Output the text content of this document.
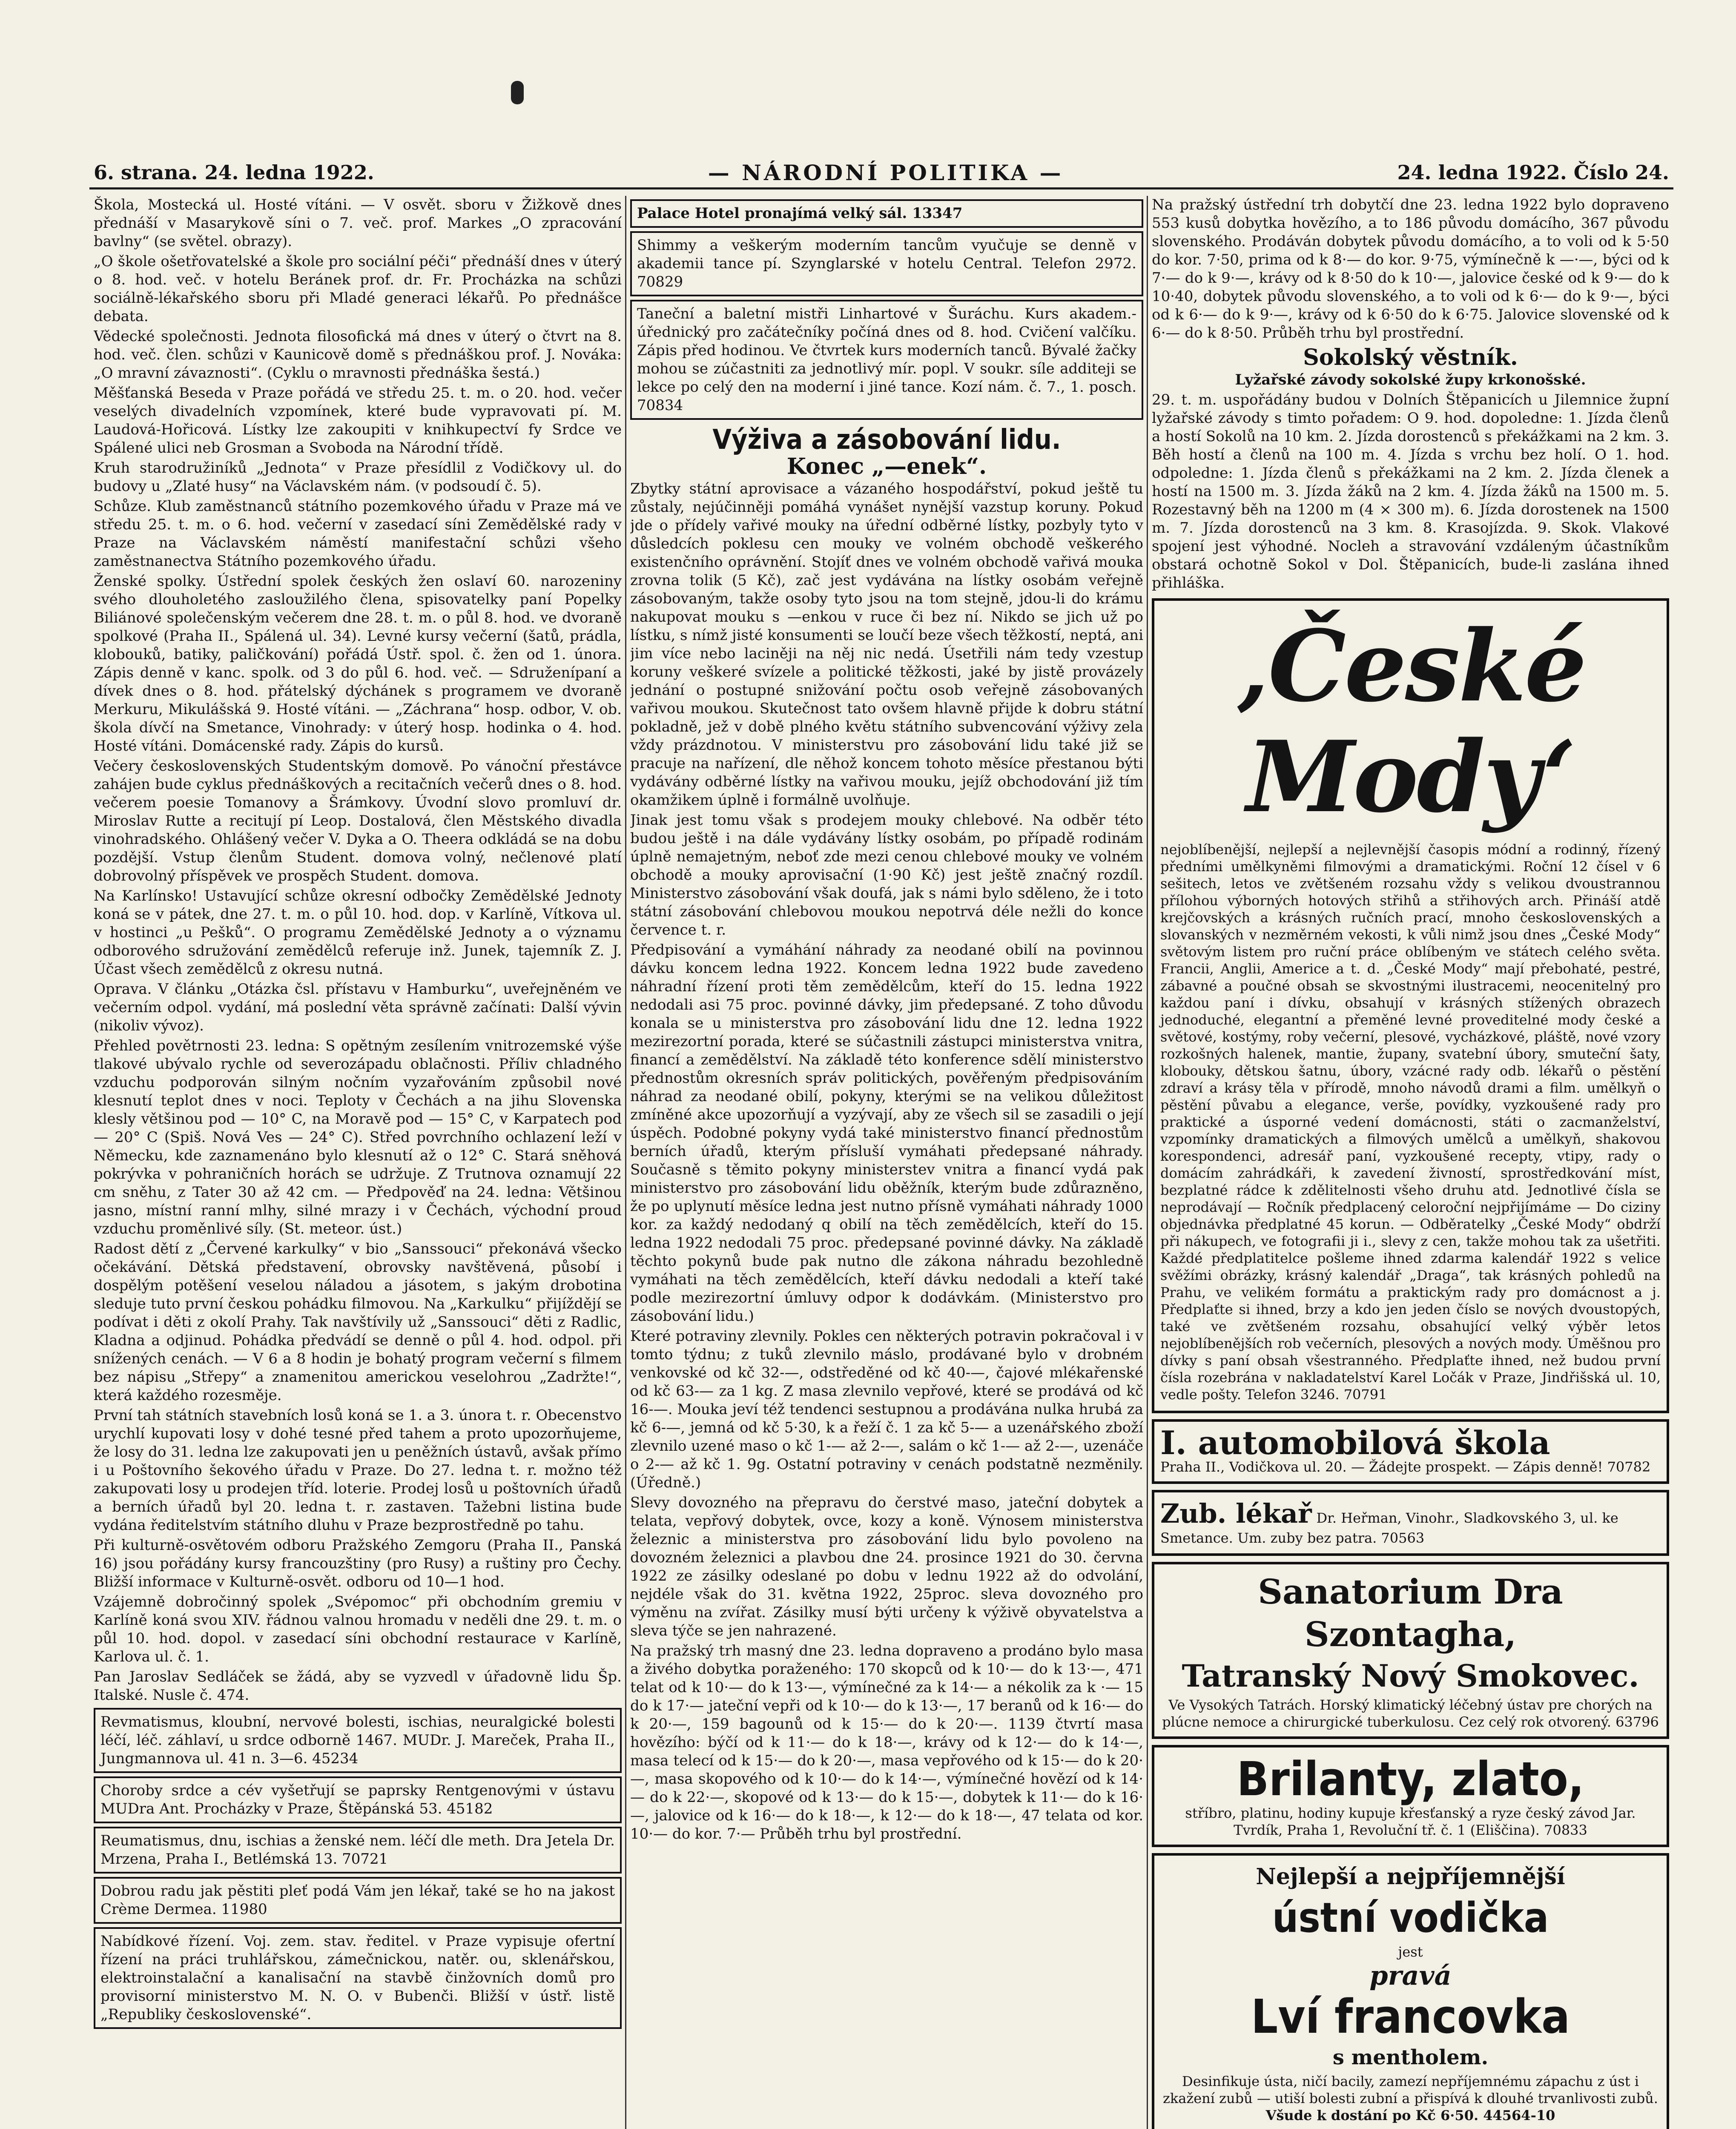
6. strana. 24. ledna 1922.	— NÁRODNÍ POLITIKA —	24. ledna 1922. Číslo 24.

Škola, Mostecká ul. Hosté vítáni. — V osvět. sboru v Žižkově dnes přednáší v Masarykově síni o 7. več. prof. Markes „O zpracování bavlny“ (se světel. obrazy).

„O škole ošetřovatelské a škole pro sociální péči“ přednáší dnes v úterý o 8. hod. več. v hotelu Beránek prof. dr. Fr. Procházka na schůzi sociálně-lékařského sboru při Mladé generaci lékařů. Po přednášce debata.

Vědecké společnosti. Jednota filosofická má dnes v úterý o čtvrt na 8. hod. več. člen. schůzi v Kaunicově domě s přednáškou prof. J. Nováka: „O mravní závaznosti“. (Cyklu o mravnosti přednáška šestá.)

Měšťanská Beseda v Praze pořádá ve středu 25. t. m. o 20. hod. večer veselých divadelních vzpomínek, které bude vypravovati pí. M. Laudová-Hořicová. Lístky lze zakoupiti v knihkupectví fy Srdce ve Spálené ulici neb Grosman a Svoboda na Národní třídě.

Kruh starodružiníků „Jednota“ v Praze přesídlil z Vodičkovy ul. do budovy u „Zlaté husy“ na Václavském nám. (v podsoudí č. 5).

Schůze. Klub zaměstnanců státního pozemkového úřadu v Praze má ve středu 25. t. m. o 6. hod. večerní v zasedací síni Zemědělské rady v Praze na Václavském náměstí manifestační schůzi všeho zaměstnanectva Státního pozemkového úřadu.

Ženské spolky. Ústřední spolek českých žen oslaví 60. narozeniny svého dlouholetého zasloužilého člena, spisovatelky paní Popelky Biliánové společenským večerem dne 28. t. m. o půl 8. hod. ve dvoraně spolkové (Praha II., Spálená ul. 34). Levné kursy večerní (šatů, prádla, klobouků, batiky, paličkování) pořádá Ústř. spol. č. žen od 1. února. Zápis denně v kanc. spolk. od 3 do půl 6. hod. več. — Sdruženípaní a dívek dnes o 8. hod. přátelský dýchánek s programem ve dvoraně Merkuru, Mikulášská 9. Hosté vítáni. — „Záchrana“ hosp. odbor, V. ob. škola dívčí na Smetance, Vinohrady: v úterý hosp. hodinka o 4. hod. Hosté vítáni. Domácenské rady. Zápis do kursů.

Večery československých Studentským domově. Po vánoční přestávce zahájen bude cyklus přednáškových a recitačních večerů dnes o 8. hod. večerem poesie Tomanovy a Šrámkovy. Úvodní slovo promluví dr. Miroslav Rutte a recitují pí Leop. Dostalová, člen Městského divadla vinohradského. Ohlášený večer V. Dyka a O. Theera odkládá se na dobu pozdější. Vstup členům Student. domova volný, nečlenové platí dobrovolný příspěvek ve prospěch Student. domova.

Na Karlínsko! Ustavující schůze okresní odbočky Zemědělské Jednoty koná se v pátek, dne 27. t. m. o půl 10. hod. dop. v Karlíně, Vítkova ul. v hostinci „u Pešků“. O programu Zemědělské Jednoty a o významu odborového sdružování zemědělců referuje inž. Junek, tajemník Z. J. Účast všech zemědělců z okresu nutná.

Oprava. V článku „Otázka čsl. přístavu v Hamburku“, uveřejněném ve večerním odpol. vydání, má poslední věta správně začínati: Další vývin (nikoliv vývoz).

Přehled povětrnosti 23. ledna: S opětným zesílením vnitrozemské výše tlakové ubývalo rychle od severozápadu oblačnosti. Příliv chladného vzduchu podporován silným nočním vyzařováním způsobil nové klesnutí teplot dnes v noci. Teploty v Čechách a na jihu Slovenska klesly většinou pod — 10° C, na Moravě pod — 15° C, v Karpatech pod — 20° C (Spiš. Nová Ves — 24° C). Střed povrchního ochlazení leží v Německu, kde zaznamenáno bylo klesnutí až o 12° C. Stará sněhová pokrývka v pohraničních horách se udržuje. Z Trutnova oznamují 22 cm sněhu, z Tater 30 až 42 cm. — Předpověď na 24. ledna: Většinou jasno, místní ranní mlhy, silné mrazy i v Čechách, východní proud vzduchu proměnlivé síly. (St. meteor. úst.)

Radost dětí z „Červené karkulky“ v bio „Sanssouci“ překonává všecko očekávání. Dětská představení, obrovsky navštěvená, působí i dospělým potěšení veselou náladou a jásotem, s jakým drobotina sleduje tuto první českou pohádku filmovou. Na „Karkulku“ přijíždějí se podívat i děti z okolí Prahy. Tak navštívily už „Sanssouci“ děti z Radlic, Kladna a odjinud. Pohádka předvádí se denně o půl 4. hod. odpol. při snížených cenách. — V 6 a 8 hodin je bohatý program večerní s filmem bez nápisu „Střepy“ a znamenitou americkou veselohrou „Zadržte!“, která každého rozesměje.

První tah státních stavebních losů koná se 1. a 3. února t. r. Obecenstvo urychlí kupovati losy v dohé tesné před tahem a proto upozorňujeme, že losy do 31. ledna lze zakupovati jen u peněžních ústavů, avšak přímo i u Poštovního šekového úřadu v Praze. Do 27. ledna t. r. možno též zakupovati losy u prodejen tříd. loterie. Prodej losů u poštovních úřadů a berních úřadů byl 20. ledna t. r. zastaven. Tažebni listina bude vydána ředitelstvím státního dluhu v Praze bezprostředně po tahu.

Při kulturně-osvětovém odboru Pražského Zemgoru (Praha II., Panská 16) jsou pořádány kursy francouzštiny (pro Rusy) a ruštiny pro Čechy. Bližší informace v Kulturně-osvět. odboru od 10—1 hod.

Vzájemně dobročinný spolek „Svépomoc“ při obchodním gremiu v Karlíně koná svou XIV. řádnou valnou hromadu v neděli dne 29. t. m. o půl 10. hod. dopol. v zasedací síni obchodní restaurace v Karlíně, Karlova ul. č. 1.

Pan Jaroslav Sedláček se žádá, aby se vyzvedl v úřadovně lidu Šp. Italské. Nusle č. 474.

Revmatismus, kloubní, nervové bolesti, ischias, neuralgické bolesti léčí, léč. záhlaví, u srdce odborně 1467. MUDr. J. Mareček, Praha II., Jungmannova ul. 41 n. 3—6. 45234

Choroby srdce a cév vyšetřují se paprsky Rentgenovými v ústavu MUDra Ant. Procházky v Praze, Štěpánská 53. 45182

Reumatismus, dnu, ischias a ženské nem. léčí dle meth. Dra Jetela Dr. Mrzena, Praha I., Betlémská 13. 70721

Dobrou radu jak pěstiti pleť podá Vám jen lékař, také se ho na jakost Crème Dermea. 11980

Nabídkové řízení. Voj. zem. stav. ředitel. v Praze vypisuje ofertní řízení na práci truhlářskou, zámečnickou, natěr. ou, sklenářskou, elektroinstalační a kanalisační na stavbě činžovních domů pro provisorní ministerstvo M. N. O. v Bubenči. Bližší v ústř. listě „Republiky československé“.

Palace Hotel pronajímá velký sál. 13347

Shimmy a veškerým moderním tancům vyučuje se denně v akademii tance pí. Szynglarské v hotelu Central. Telefon 2972. 70829

Taneční a baletní mistři Linhartové v Šuráchu. Kurs akadem.-úřednický pro začátečníky počíná dnes od 8. hod. Cvičení valčíku. Zápis před hodinou. Ve čtvrtek kurs moderních tanců. Bývalé žačky mohou se zúčastniti za jednotlivý mír. popl. V soukr. síle additeji se lekce po celý den na moderní i jiné tance. Kozí nám. č. 7., 1. posch. 70834

Výživa a zásobování lidu.
Konec „—enek“.

Zbytky státní aprovisace a vázaného hospodářství, pokud ještě tu zůstaly, nejúčinněji pomáhá vynášet nynější vazstup koruny. Pokud jde o přídely vařivé mouky na úřední odběrné lístky, pozbyly tyto v důsledcích poklesu cen mouky ve volném obchodě veškerého existenčního oprávnění. Stojíť dnes ve volném obchodě vařivá mouka zrovna tolik (5 Kč), zač jest vydávána na lístky osobám veřejně zásobovaným, takže osoby tyto jsou na tom stejně, jdou-li do krámu nakupovat mouku s —enkou v ruce či bez ní. Nikdo se jich už po lístku, s nímž jisté konsumenti se loučí beze všech těžkostí, neptá, ani jim více nebo laciněji na něj nic nedá. Úsetřili nám tedy vzestup koruny veškeré svízele a politické těžkosti, jaké by jistě provázely jednání o postupné snižování počtu osob veřejně zásobovaných vařivou moukou. Skutečnost tato ovšem hlavně přijde k dobru státní pokladně, jež v době plného květu státního subvencování výživy zela vždy prázdnotou. V ministerstvu pro zásobování lidu také již se pracuje na nařízení, dle něhož koncem tohoto měsíce přestanou býti vydávány odběrné lístky na vařivou mouku, jejíž obchodování již tím okamžikem úplně i formálně uvolňuje.

Jinak jest tomu však s prodejem mouky chlebové. Na odběr této budou ještě i na dále vydávány lístky osobám, po případě rodinám úplně nemajetným, neboť zde mezi cenou chlebové mouky ve volném obchodě a mouky aprovisační (1·90 Kč) jest ještě značný rozdíl. Ministerstvo zásobování však doufá, jak s námi bylo sděleno, že i toto státní zásobování chlebovou moukou nepotrvá déle nežli do konce července t. r.

Předpisování a vymáhání náhrady za neodané obilí na povinnou dávku koncem ledna 1922. Koncem ledna 1922 bude zavedeno náhradní řízení proti těm zemědělcům, kteří do 15. ledna 1922 nedodali asi 75 proc. povinné dávky, jim předepsané. Z toho důvodu konala se u ministerstva pro zásobování lidu dne 12. ledna 1922 mezirezortní porada, které se súčastnili zástupci ministerstva vnitra, financí a zemědělství. Na základě této konference sdělí ministerstvo přednostům okresních správ politických, pověřeným předpisováním náhrad za neodané obilí, pokyny, kterými se na velikou důležitost zmíněné akce upozorňují a vyzývají, aby ze všech sil se zasadili o její úspěch. Podobné pokyny vydá také ministerstvo financí přednostům berních úřadů, kterým přísluší vymáhati předepsané náhrady. Současně s těmito pokyny ministerstev vnitra a financí vydá pak ministerstvo pro zásobování lidu oběžník, kterým bude zdůrazněno, že po uplynutí měsíce ledna jest nutno přísně vymáhati náhrady 1000 kor. za každý nedodaný q obilí na těch zemědělcích, kteří do 15. ledna 1922 nedodali 75 proc. předepsané povinné dávky. Na základě těchto pokynů bude pak nutno dle zákona náhradu bezohledně vymáhati na těch zemědělcích, kteří dávku nedodali a kteří také podle mezirezortní úmluvy odpor k dodávkám. (Ministerstvo pro zásobování lidu.)

Které potraviny zlevnily. Pokles cen některých potravin pokračoval i v tomto týdnu; z tuků zlevnilo máslo, prodávané bylo v drobném venkovské od kč 32-—, odstředěné od kč 40-—, čajové mlékařenské od kč 63-— za 1 kg. Z masa zlevnilo vepřové, které se prodává od kč 16-—. Mouka jeví též tendenci sestupnou a prodávána nulka hrubá za kč 6-—, jemná od kč 5·30, k a řeží č. 1 za kč 5-— a uzenářského zboží zlevnilo uzené maso o kč 1-— až 2-—, salám o kč 1-— až 2-—, uzenáče o 2-— až kč 1. 9g. Ostatní potraviny v cenách podstatně nezměnily. (Úředně.)

Slevy dovozného na přepravu do čerstvé maso, jateční dobytek a telata, vepřový dobytek, ovce, kozy a koně. Výnosem ministerstva železnic a ministerstva pro zásobování lidu bylo povoleno na dovozném železnici a plavbou dne 24. prosince 1921 do 30. června 1922 ze zásilky odeslané po dobu v lednu 1922 až do odvolání, nejdéle však do 31. května 1922, 25proc. sleva dovozného pro výměnu na zvířat. Zásilky musí býti určeny k výživě obyvatelstva a sleva týče se jen nahrazené.

Na pražský trh masný dne 23. ledna dopraveno a prodáno bylo masa a živého dobytka poraženého: 170 skopců od k 10·— do k 13·—, 471 telat od k 10·— do k 13·—, výmínečné za k 14·— a nékolik za k ·— 15 do k 17·— jateční vepři od k 10·— do k 13·—, 17 beranů od k 16·— do k 20·—, 159 bagounů od k 15·— do k 20·—. 1139 čtvrtí masa hovězího: býčí od k 11·— do k 18·—, krávy od k 12·— do k 14·—, masa telecí od k 15·— do k 20·—, masa vepřového od k 15·— do k 20·—, masa skopového od k 10·— do k 14·—, výmínečné hovězí od k 14·— do k 22·—, skopové od k 13·— do k 15·—, dobytek k 11·— do k 16·—, jalovice od k 16·— do k 18·—, k 12·— do k 18·—, 47 telata od kor. 10·— do kor. 7·— Průběh trhu byl prostřední.

Na pražský ústřední trh dobytčí dne 23. ledna 1922 bylo dopraveno 553 kusů dobytka hovězího, a to 186 původu domácího, 367 původu slovenského. Prodáván dobytek původu domácího, a to voli od k 5·50 do kor. 7·50, prima od k 8·— do kor. 9·75, výmínečně k —·—, býci od k 7·— do k 9·—, krávy od k 8·50 do k 10·—, jalovice české od k 9·— do k 10·40, dobytek původu slovenského, a to voli od k 6·— do k 9·—, býci od k 6·— do k 9·—, krávy od k 6·50 do k 6·75. Jalovice slovenské od k 6·— do k 8·50. Průběh trhu byl prostřední.

Sokolský věstník.

Lyžařské závody sokolské župy krkonošské.

29. t. m. uspořádány budou v Dolních Štěpanicích u Jilemnice župní lyžařské závody s timto pořadem: O 9. hod. dopoledne: 1. Jízda členů a hostí Sokolů na 10 km. 2. Jízda dorostenců s překážkami na 2 km. 3. Běh hostí a členů na 100 m. 4. Jízda s vrchu bez holí. O 1. hod. odpoledne: 1. Jízda členů s překážkami na 2 km. 2. Jízda členek a hostí na 1500 m. 3. Jízda žáků na 2 km. 4. Jízda žáků na 1500 m. 5. Rozestavný běh na 1200 m (4 × 300 m). 6. Jízda dorostenek na 1500 m. 7. Jízda dorostenců na 3 km. 8. Krasojízda. 9. Skok. Vlakové spojení jest výhodné. Nocleh a stravování vzdáleným účastníkům obstará ochotně Sokol v Dol. Štěpanicích, bude-li zaslána ihned přihláška.

‚České Mody‘

nejoblíbenější, nejlepší a nejlevnější časopis módní a rodinný, řízený předními umělkyněmi filmovými a dramatickými. Roční 12 čísel v 6 sešitech, letos ve zvětšeném rozsahu vždy s velikou dvoustrannou přílohou výborných hotových střihů a střihových arch. Přináší atdě krejčovských a krásných ručních prací, mnoho československých a slovanských v nezměrném vekosti, k vůli nimž jsou dnes „České Mody“ světovým listem pro ruční práce oblíbeným ve státech celého světa. Francii, Anglii, Americe a t. d. „České Mody“ mají přebohaté, pestré, zábavné a poučné obsah se skvostnými ilustracemi, neocenitelný pro každou paní i dívku, obsahují v krásných stížených obrazech jednoduché, elegantní a přeměné levné proveditelné mody české a světové, kostýmy, roby večerní, plesové, vycházkové, pláště, nové vzory rozkošných halenek, mantie, župany, svatební úbory, smuteční šaty, klobouky, dětskou šatnu, úbory, vzácné rady odb. lékařů o pěstění zdraví a krásy těla v přírodě, mnoho návodů drami a film. umělkyň o pěstění půvabu a elegance, verše, povídky, vyzkoušené rady pro praktické a úsporné vedení domácnosti, státi o zacmanželství, vzpomínky dramatických a filmových umělců a umělkyň, shakovou korespondenci, adresář paní, vyzkoušené recepty, vtipy, rady o domácím zahrádkáři, k zavedení živností, sprostředkování míst, bezplatné rádce k zdělitelnosti všeho druhu atd. Jednotlivé čísla se neprodávají — Ročník předplacený celoroční nejpřijímáme — Do ciziny objednávka předplatné 45 korun. — Odběratelky „České Mody“ obdrží při nákupech, ve fotografii ji i., slevy z cen, takže mohou tak za ušetřiti. Každé předplatitelce pošleme ihned zdarma kalendář 1922 s velice svěžími obrázky, krásný kalendář „Draga“, tak krásných pohledů na Prahu, ve velikém formátu a praktickým rady pro domácnost a j. Předplaťte si ihned, brzy a kdo jen jeden číslo se nových dvoustopých, také ve zvětšeném rozsahu, obsahující velký výběr letos nejoblíbenějších rob večerních, plesových a nových mody. Úměšnou pro dívky s paní obsah všestranného. Předplaťte ihned, než budou první čísla rozebrána v nakladatelství Karel Ločák v Praze, Jindřišská ul. 10, vedle pošty. Telefon 3246. 70791

I. automobilová škola
Praha II., Vodičkova ul. 20. — Žádejte prospekt. — Zápis denně! 70782
Zub. lékař Dr. Heřman, Vinohr., Sladkovského 3, ul. ke Smetance. Um. zuby bez patra. 70563
Sanatorium Dra Szontagha,
Tatranský Nový Smokovec.
Ve Vysokých Tatrách. Horský klimatický léčebný ústav pre chorých na plúcne nemoce a chirurgické tuberkulosu. Cez celý rok otvorený. 63796
Brilanty, zlato,
stříbro, platinu, hodiny kupuje křesťanský a ryze český závod Jar. Tvrdík, Praha 1, Revoluční tř. č. 1 (Eliščina). 70833
Nejlepší a nejpříjemnější
ústní vodička
jest
pravá
Lví francovka
s mentholem.
Desinfikuje ústa, ničí bacily, zamezí nepříjemnému zápachu z úst i zkažení zubů — utiší bolesti zubní a přispívá k dlouhé trvanlivosti zubů.
Všude k dostání po Kč 6·50. 44564-10
